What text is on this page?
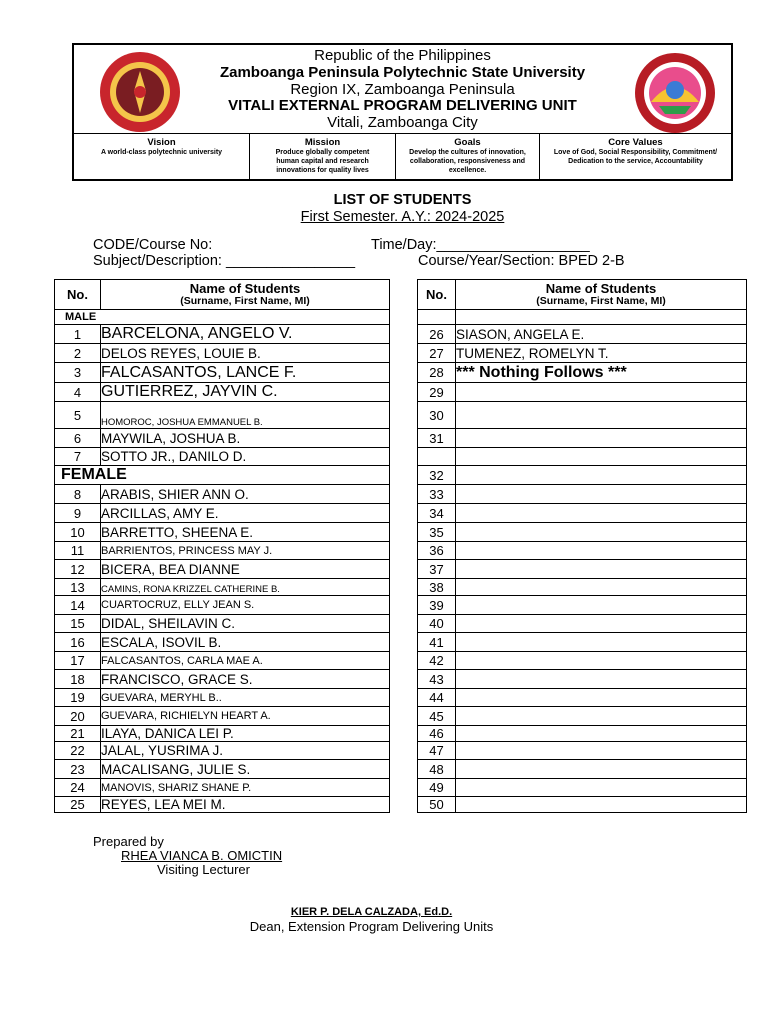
Republic of the Philippines
Zamboanga Peninsula Polytechnic State University
Region IX, Zamboanga Peninsula
VITALI EXTERNAL PROGRAM DELIVERING UNIT
Vitali, Zamboanga City
Vision
A world-class polytechnic university
Mission
Produce globally competent human capital and research innovations for quality lives
Goals
Develop the cultures of innovation, collaboration, responsiveness and excellence.
Core Values
Love of God, Social Responsibility, Commitment/ Dedication to the service, Accountability
LIST OF STUDENTS
First Semester. A.Y.: 2024-2025
CODE/Course No:	Time/Day:___________________
Subject/Description: ________________	Course/Year/Section: BPED 2-B
No.	Name of Students
(Surname, First Name, MI)

MALE	
1	BARCELONA, ANGELO V.
2	DELOS REYES, LOUIE B.
3	FALCASANTOS, LANCE F.
4	GUTIERREZ, JAYVIN C.
5	HOMOROC, JOSHUA EMMANUEL B.
6	MAYWILA, JOSHUA B.
7	SOTTO JR., DANILO D.
FEMALE	
8	ARABIS, SHIER ANN O.
9	ARCILLAS, AMY E.
10	BARRETTO, SHEENA E.
11	BARRIENTOS, PRINCESS MAY J.
12	BICERA, BEA DIANNE
13	CAMINS, RONA KRIZZEL CATHERINE B.
14	CUARTOCRUZ, ELLY JEAN S.
15	DIDAL, SHEILAVIN C.
16	ESCALA, ISOVIL B.
17	FALCASANTOS, CARLA MAE A.
18	FRANCISCO, GRACE S.
19	GUEVARA, MERYHL B..
20	GUEVARA, RICHIELYN HEART A.
21	ILAYA, DANICA LEI P.
22	JALAL, YUSRIMA J.
23	MACALISANG, JULIE S.
24	MANOVIS, SHARIZ SHANE P.
25	REYES, LEA MEI M.
No.	Name of Students
(Surname, First Name, MI)

26	SIASON, ANGELA E.
27	TUMENEZ, ROMELYN T.
28	*** Nothing Follows ***
29	
30	
31	

32	
33	
34	
35	
36	
37	
38	
39	
40	
41	
42	
43	
44	
45	
46	
47	
48	
49	
50	
Prepared by
RHEA VIANCA B. OMICTIN
Visiting Lecturer
KIER P. DELA CALZADA, Ed.D.
Dean, Extension Program Delivering Units
